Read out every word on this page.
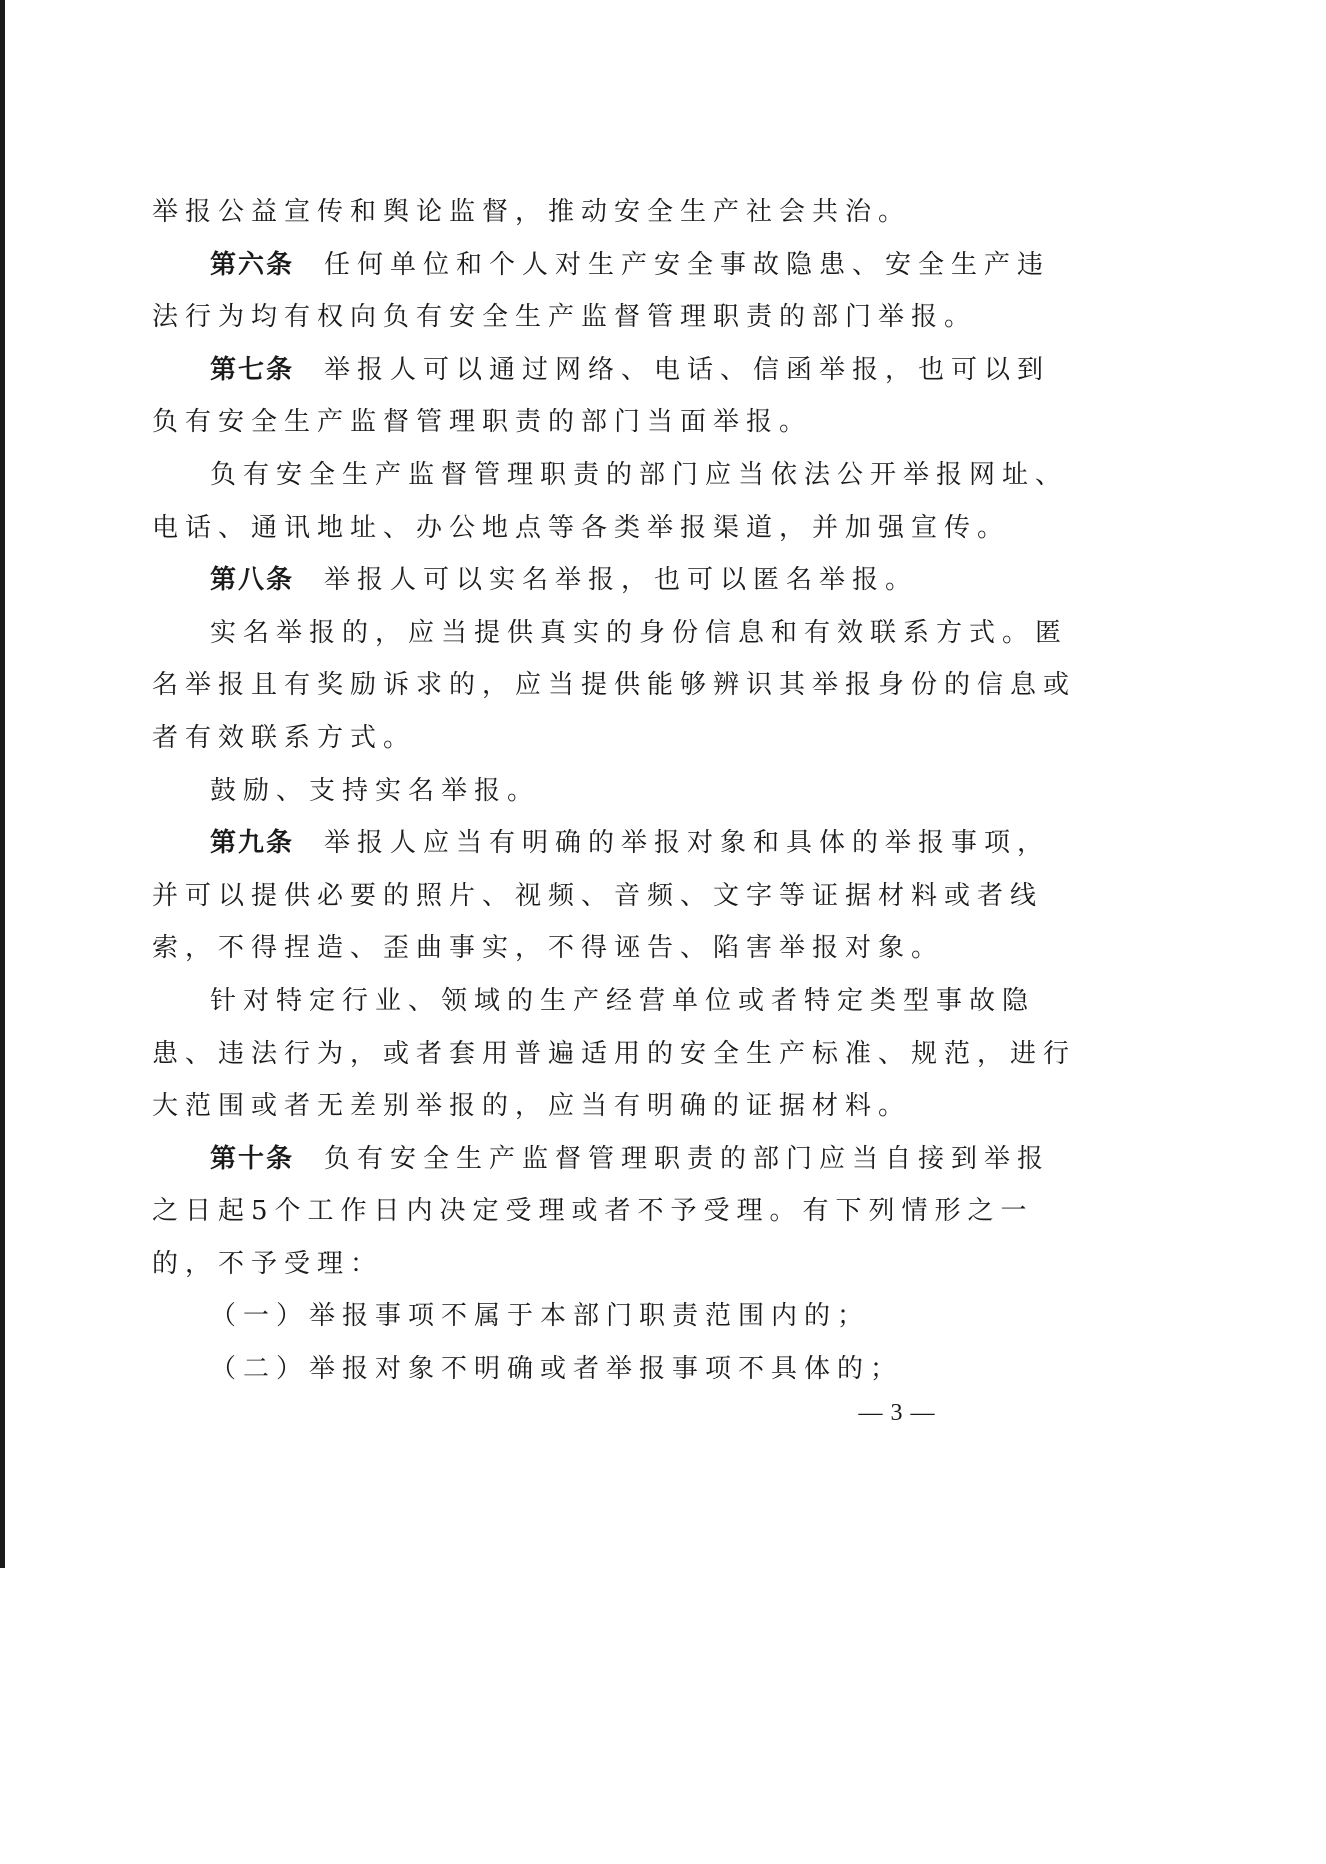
举报公益宣传和舆论监督，推动安全生产社会共治。
第六条 任何单位和个人对生产安全事故隐患、安全生产违
法行为均有权向负有安全生产监督管理职责的部门举报。
第七条 举报人可以通过网络、电话、信函举报，也可以到
负有安全生产监督管理职责的部门当面举报。
负有安全生产监督管理职责的部门应当依法公开举报网址、
电话、通讯地址、办公地点等各类举报渠道，并加强宣传。
第八条 举报人可以实名举报，也可以匿名举报。
实名举报的，应当提供真实的身份信息和有效联系方式。匿
名举报且有奖励诉求的，应当提供能够辨识其举报身份的信息或
者有效联系方式。
鼓励、支持实名举报。
第九条 举报人应当有明确的举报对象和具体的举报事项，
并可以提供必要的照片、视频、音频、文字等证据材料或者线
索，不得捏造、歪曲事实，不得诬告、陷害举报对象。
针对特定行业、领域的生产经营单位或者特定类型事故隐
患、违法行为，或者套用普遍适用的安全生产标准、规范，进行
大范围或者无差别举报的，应当有明确的证据材料。
第十条 负有安全生产监督管理职责的部门应当自接到举报
之日起5个工作日内决定受理或者不予受理。有下列情形之一
的，不予受理：
（一）举报事项不属于本部门职责范围内的；
（二）举报对象不明确或者举报事项不具体的；
— 3 —
